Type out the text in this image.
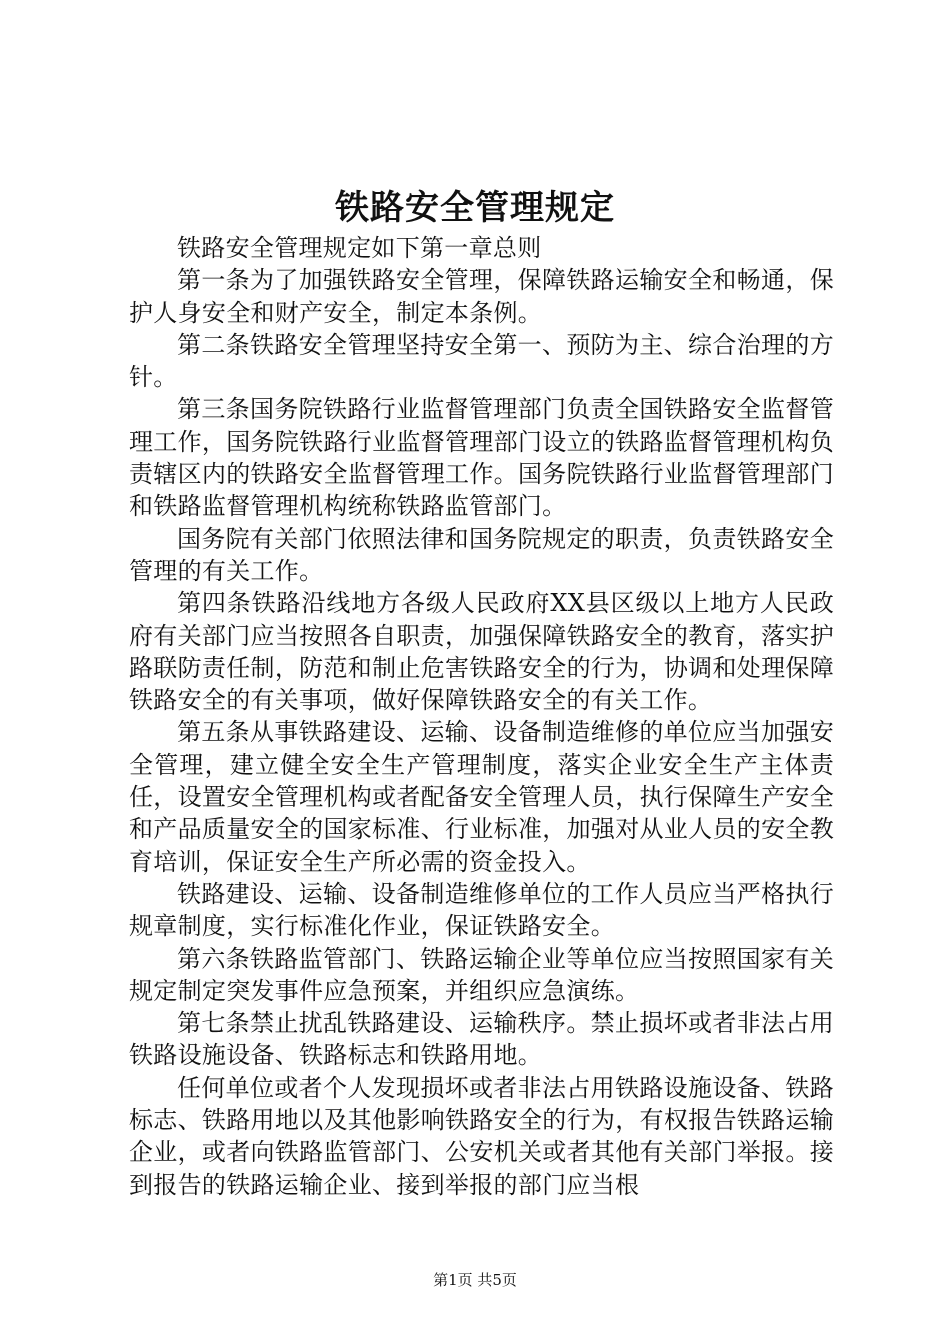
铁路安全管理规定

铁路安全管理规定如下第一章总则

第一条为了加强铁路安全管理，保障铁路运输安全和畅通，保护人身安全和财产安全，制定本条例。

第二条铁路安全管理坚持安全第一、预防为主、综合治理的方针。

第三条国务院铁路行业监督管理部门负责全国铁路安全监督管理工作，国务院铁路行业监督管理部门设立的铁路监督管理机构负责辖区内的铁路安全监督管理工作。国务院铁路行业监督管理部门和铁路监督管理机构统称铁路监管部门。

国务院有关部门依照法律和国务院规定的职责，负责铁路安全管理的有关工作。

第四条铁路沿线地方各级人民政府XX县区级以上地方人民政府有关部门应当按照各自职责，加强保障铁路安全的教育，落实护路联防责任制，防范和制止危害铁路安全的行为，协调和处理保障铁路安全的有关事项，做好保障铁路安全的有关工作。

第五条从事铁路建设、运输、设备制造维修的单位应当加强安全管理，建立健全安全生产管理制度，落实企业安全生产主体责任，设置安全管理机构或者配备安全管理人员，执行保障生产安全和产品质量安全的国家标准、行业标准，加强对从业人员的安全教育培训，保证安全生产所必需的资金投入。

铁路建设、运输、设备制造维修单位的工作人员应当严格执行规章制度，实行标准化作业，保证铁路安全。

第六条铁路监管部门、铁路运输企业等单位应当按照国家有关规定制定突发事件应急预案，并组织应急演练。

第七条禁止扰乱铁路建设、运输秩序。禁止损坏或者非法占用铁路设施设备、铁路标志和铁路用地。

任何单位或者个人发现损坏或者非法占用铁路设施设备、铁路标志、铁路用地以及其他影响铁路安全的行为，有权报告铁路运输企业，或者向铁路监管部门、公安机关或者其他有关部门举报。接到报告的铁路运输企业、接到举报的部门应当根

第1页 共5页
